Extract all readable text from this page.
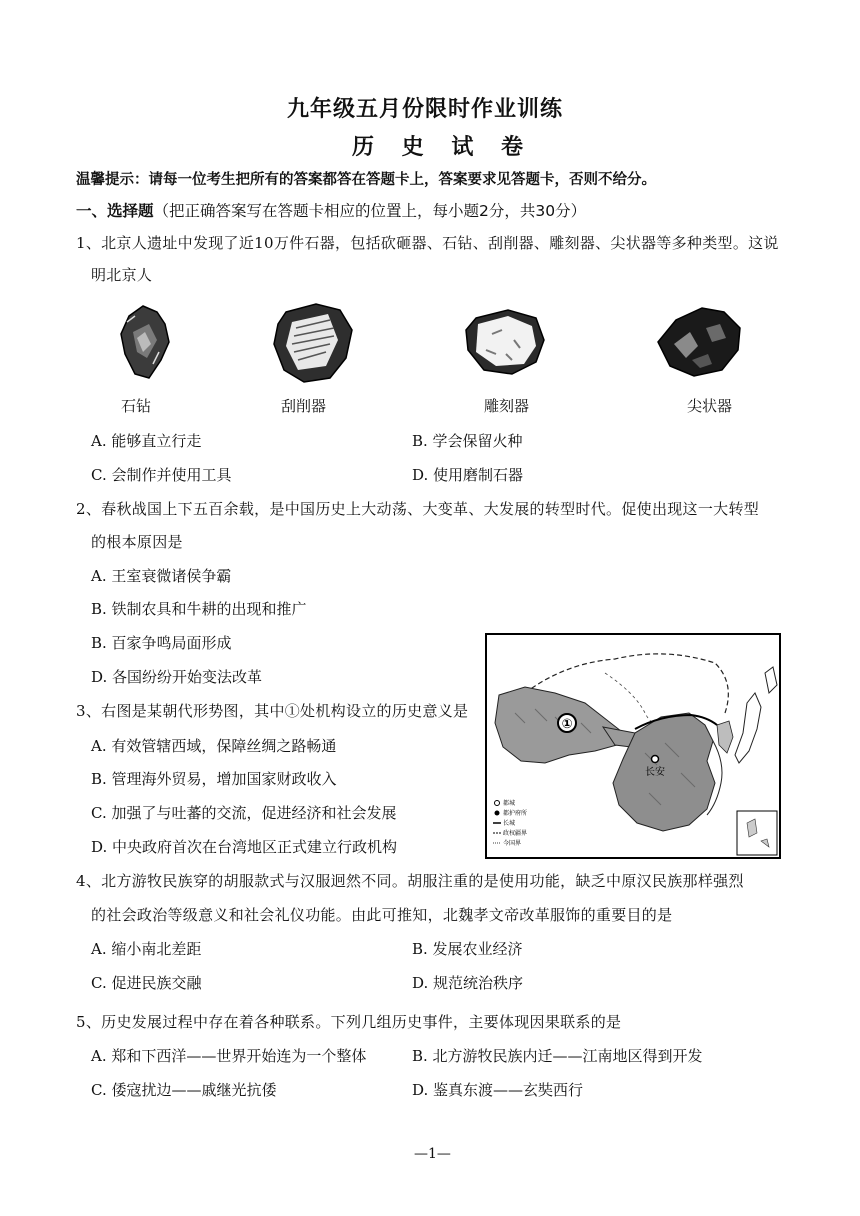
九年级五月份限时作业训练
历 史 试 卷
温馨提示：请每一位考生把所有的答案都答在答题卡上，答案要求见答题卡，否则不给分。
一、选择题（把正确答案写在答题卡相应的位置上，每小题2分，共30分）
1、北京人遗址中发现了近10万件石器，包括砍砸器、石钻、刮削器、雕刻器、尖状器等多种类型。这说
明北京人
石钻	刮削器	雕刻器	尖状器
A. 能够直立行走	B. 学会保留火种
C. 会制作并使用工具	D. 使用磨制石器
2、春秋战国上下五百余载，是中国历史上大动荡、大变革、大发展的转型时代。促使出现这一大转型
的根本原因是
A. 王室衰微诸侯争霸
B. 铁制农具和牛耕的出现和推广
B. 百家争鸣局面形成
D. 各国纷纷开始变法改革
3、右图是某朝代形势图，其中①处机构设立的历史意义是
A. 有效管辖西域，保障丝绸之路畅通
B. 管理海外贸易，增加国家财政收入
C. 加强了与吐蕃的交流，促进经济和社会发展
D. 中央政府首次在台湾地区正式建立行政机构
①
长安
都城
都护府所
长城
政权疆界
今国界
4、北方游牧民族穿的胡服款式与汉服迥然不同。胡服注重的是使用功能，缺乏中原汉民族那样强烈
的社会政治等级意义和社会礼仪功能。由此可推知，北魏孝文帝改革服饰的重要目的是
A. 缩小南北差距	B. 发展农业经济
C. 促进民族交融	D. 规范统治秩序
5、历史发展过程中存在着各种联系。下列几组历史事件，主要体现因果联系的是
A. 郑和下西洋——世界开始连为一个整体	B. 北方游牧民族内迁——江南地区得到开发
C. 倭寇扰边——戚继光抗倭	D. 鉴真东渡——玄奘西行
—1—
